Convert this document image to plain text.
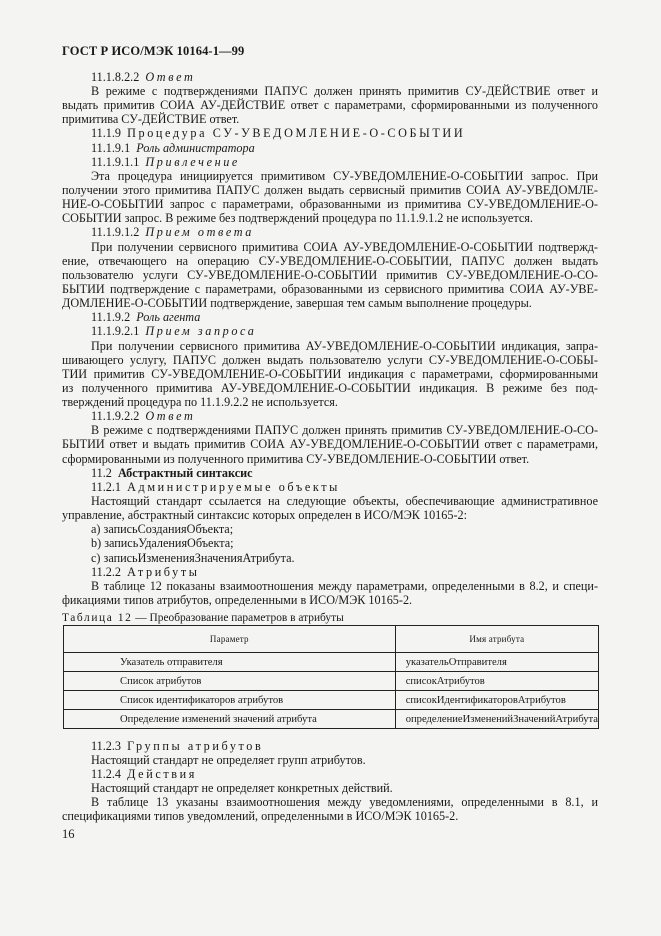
ГОСТ Р ИСО/МЭК 10164-1—99
11.1.8.2.2 Ответ
В режиме с подтверждениями ПАПУС должен принять примитив СУ-ДЕЙСТВИЕ ответ и
выдать примитив СОИА АУ-ДЕЙСТВИЕ ответ с параметрами, сформированными из полученного
примитива СУ-ДЕЙСТВИЕ ответ.
11.1.9 Процедура СУ-УВЕДОМЛЕНИЕ-О-СОБЫТИИ
11.1.9.1 Роль администратора
11.1.9.1.1 Привлечение
Эта процедура инициируется примитивом СУ-УВЕДОМЛЕНИЕ-О-СОБЫТИИ запрос. При
получении этого примитива ПАПУС должен выдать сервисный примитив СОИА АУ-УВЕДОМЛЕ-
НИЕ-О-СОБЫТИИ запрос с параметрами, образованными из примитива СУ-УВЕДОМЛЕНИЕ-О-
СОБЫТИИ запрос. В режиме без подтверждений процедура по 11.1.9.1.2 не используется.
11.1.9.1.2 Прием ответа
При получении сервисного примитива СОИА АУ-УВЕДОМЛЕНИЕ-О-СОБЫТИИ подтвержд-
ение, отвечающего на операцию СУ-УВЕДОМЛЕНИЕ-О-СОБЫТИИ, ПАПУС должен выдать
пользователю услуги СУ-УВЕДОМЛЕНИЕ-О-СОБЫТИИ примитив СУ-УВЕДОМЛЕНИЕ-О-СО-
БЫТИИ подтверждение с параметрами, образованными из сервисного примитива СОИА АУ-УВЕ-
ДОМЛЕНИЕ-О-СОБЫТИИ подтверждение, завершая тем самым выполнение процедуры.
11.1.9.2 Роль агента
11.1.9.2.1 Прием запроса
При получении сервисного примитива АУ-УВЕДОМЛЕНИЕ-О-СОБЫТИИ индикация, запра-
шивающего услугу, ПАПУС должен выдать пользователю услуги СУ-УВЕДОМЛЕНИЕ-О-СОБЫ-
ТИИ примитив СУ-УВЕДОМЛЕНИЕ-О-СОБЫТИИ индикация с параметрами, сформированными
из полученного примитива АУ-УВЕДОМЛЕНИЕ-О-СОБЫТИИ индикация. В режиме без под-
тверждений процедура по 11.1.9.2.2 не используется.
11.1.9.2.2 Ответ
В режиме с подтверждениями ПАПУС должен принять примитив СУ-УВЕДОМЛЕНИЕ-О-СО-
БЫТИИ ответ и выдать примитив СОИА АУ-УВЕДОМЛЕНИЕ-О-СОБЫТИИ ответ с параметрами,
сформированными из полученного примитива СУ-УВЕДОМЛЕНИЕ-О-СОБЫТИИ ответ.
11.2 Абстрактный синтаксис
11.2.1 Администрируемые объекты
Настоящий стандарт ссылается на следующие объекты, обеспечивающие административное
управление, абстрактный синтаксис которых определен в ИСО/МЭК 10165-2:
а) записьСозданияОбъекта;
b) записьУдаленияОбъекта;
с) записьИзмененияЗначенияАтрибута.
11.2.2 Атрибуты
В таблице 12 показаны взаимоотношения между параметрами, определенными в 8.2, и специ-
фикациями типов атрибутов, определенными в ИСО/МЭК 10165-2.
Таблица 12 — Преобразование параметров в атрибуты
Параметр	Имя атрибута
Указатель отправителя	указательОтправителя
Список атрибутов	списокАтрибутов
Список идентификаторов атрибутов	списокИдентификаторовАтрибутов
Определение изменений значений атрибута	определениеИзмененийЗначенийАтрибута
11.2.3 Группы атрибутов
Настоящий стандарт не определяет групп атрибутов.
11.2.4 Действия
Настоящий стандарт не определяет конкретных действий.
В таблице 13 указаны взаимоотношения между уведомлениями, определенными в 8.1, и
спецификациями типов уведомлений, определенными в ИСО/МЭК 10165-2.
16
